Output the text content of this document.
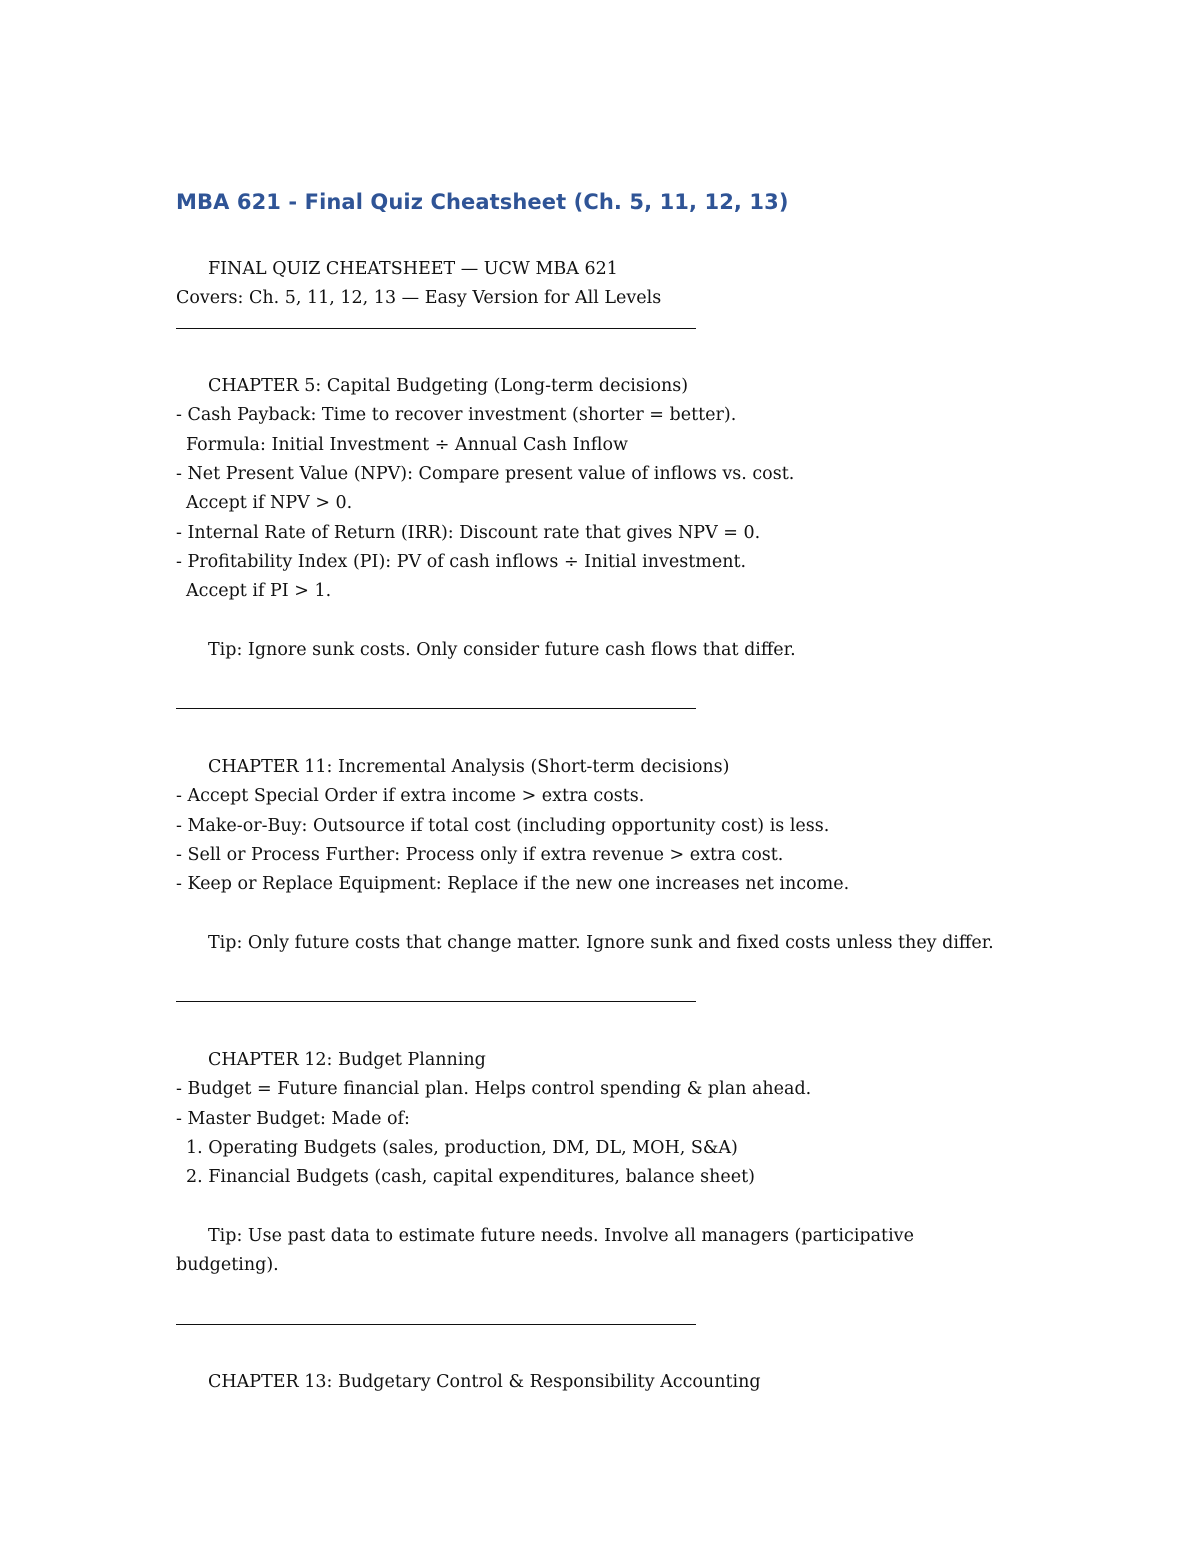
MBA 621 - Final Quiz Cheatsheet (Ch. 5, 11, 12, 13)
FINAL QUIZ CHEATSHEET — UCW MBA 621
Covers: Ch. 5, 11, 12, 13 — Easy Version for All Levels
CHAPTER 5: Capital Budgeting (Long-term decisions)
- Cash Payback: Time to recover investment (shorter = better).
Formula: Initial Investment ÷ Annual Cash Inflow
- Net Present Value (NPV): Compare present value of inflows vs. cost.
Accept if NPV > 0.
- Internal Rate of Return (IRR): Discount rate that gives NPV = 0.
- Profitability Index (PI): PV of cash inflows ÷ Initial investment.
Accept if PI > 1.
Tip: Ignore sunk costs. Only consider future cash flows that differ.
CHAPTER 11: Incremental Analysis (Short-term decisions)
- Accept Special Order if extra income > extra costs.
- Make-or-Buy: Outsource if total cost (including opportunity cost) is less.
- Sell or Process Further: Process only if extra revenue > extra cost.
- Keep or Replace Equipment: Replace if the new one increases net income.
Tip: Only future costs that change matter. Ignore sunk and fixed costs unless they differ.
CHAPTER 12: Budget Planning
- Budget = Future financial plan. Helps control spending & plan ahead.
- Master Budget: Made of:
1. Operating Budgets (sales, production, DM, DL, MOH, S&A)
2. Financial Budgets (cash, capital expenditures, balance sheet)
Tip: Use past data to estimate future needs. Involve all managers (participative
budgeting).
CHAPTER 13: Budgetary Control & Responsibility Accounting
